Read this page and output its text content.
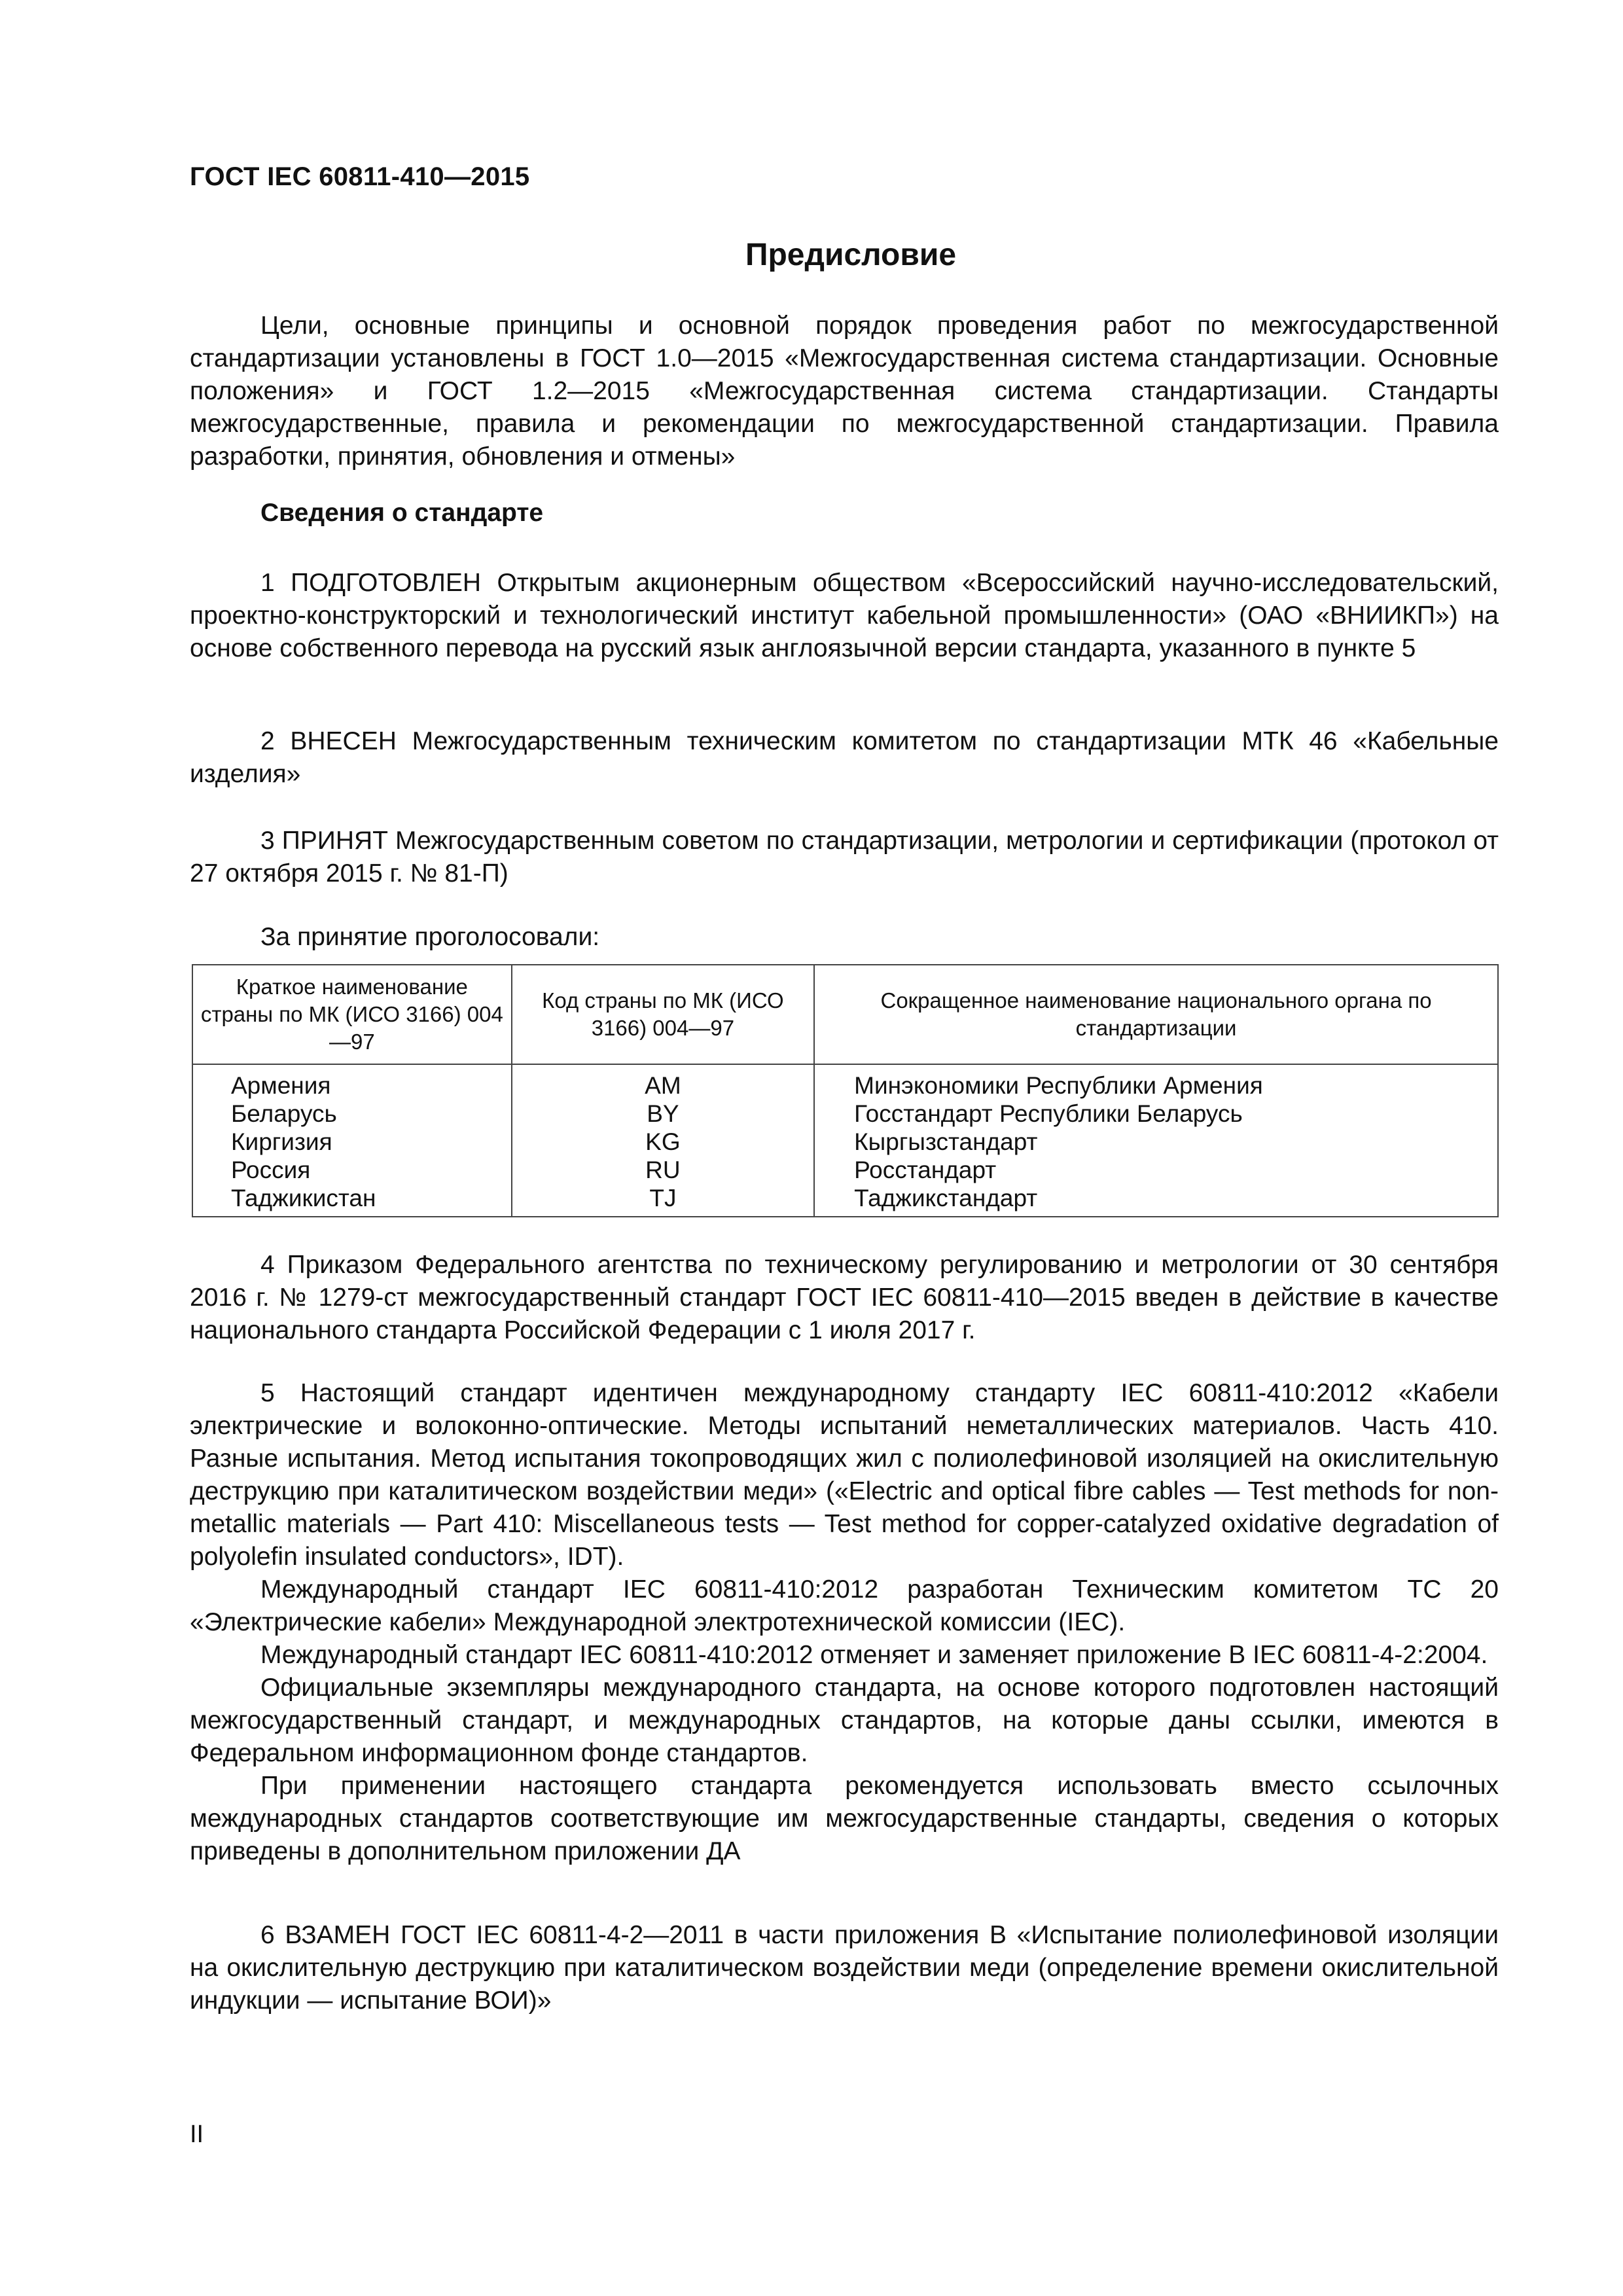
ГОСТ IEC 60811-410—2015
Предисловие

Цели, основные принципы и основной порядок проведения работ по межгосударственной стандартизации установлены в ГОСТ 1.0—2015 «Межгосударственная система стандартизации. Основные положения» и ГОСТ 1.2—2015 «Межгосударственная система стандартизации. Стандарты межгосударственные, правила и рекомендации по межгосударственной стандартизации. Правила разработки, принятия, обновления и отмены»

Сведения о стандарте

1 ПОДГОТОВЛЕН Открытым акционерным обществом «Всероссийский научно-исследовательский, проектно-конструкторский и технологический институт кабельной промышленности» (ОАО «ВНИИКП») на основе собственного перевода на русский язык англоязычной версии стандарта, указанного в пункте 5

2 ВНЕСЕН Межгосударственным техническим комитетом по стандартизации МТК 46 «Кабельные изделия»

3 ПРИНЯТ Межгосударственным советом по стандартизации, метрологии и сертификации (протокол от 27 октября 2015 г. № 81-П)

За принятие проголосовали:
Краткое наименование страны по МК (ИСО 3166) 004—97	Код страны по МК (ИСО 3166) 004—97	Сокращенное наименование национального органа по стандартизации
Армения	AM	Минэкономики Республики Армения
Беларусь	BY	Госстандарт Республики Беларусь
Киргизия	KG	Кыргызстандарт
Россия	RU	Росстандарт
Таджикистан	TJ	Таджикстандарт

4 Приказом Федерального агентства по техническому регулированию и метрологии от 30 сентября 2016 г. № 1279-ст межгосударственный стандарт ГОСТ IEC 60811-410—2015 введен в действие в качестве национального стандарта Российской Федерации с 1 июля 2017 г.

5 Настоящий стандарт идентичен международному стандарту IEC 60811-410:2012 «Кабели электрические и волоконно-оптические. Методы испытаний неметаллических материалов. Часть 410. Разные испытания. Метод испытания токопроводящих жил с полиолефиновой изоляцией на окислительную деструкцию при каталитическом воздействии меди» («Electric and optical fibre cables — Test methods for non-metallic materials — Part 410: Miscellaneous tests — Test method for copper-catalyzed oxidative degradation of polyolefin insulated conductors», IDT).

Международный стандарт IEC 60811-410:2012 разработан Техническим комитетом TC 20 «Электрические кабели» Международной электротехнической комиссии (IEC).

Международный стандарт IEC 60811-410:2012 отменяет и заменяет приложение В IEC 60811-4-2:2004.

Официальные экземпляры международного стандарта, на основе которого подготовлен настоящий межгосударственный стандарт, и международных стандартов, на которые даны ссылки, имеются в Федеральном информационном фонде стандартов.

При применении настоящего стандарта рекомендуется использовать вместо ссылочных международных стандартов соответствующие им межгосударственные стандарты, сведения о которых приведены в дополнительном приложении ДА

6 ВЗАМЕН ГОСТ IEC 60811-4-2—2011 в части приложения В «Испытание полиолефиновой изоляции на окислительную деструкцию при каталитическом воздействии меди (определение времени окислительной индукции — испытание ВОИ)»

II
